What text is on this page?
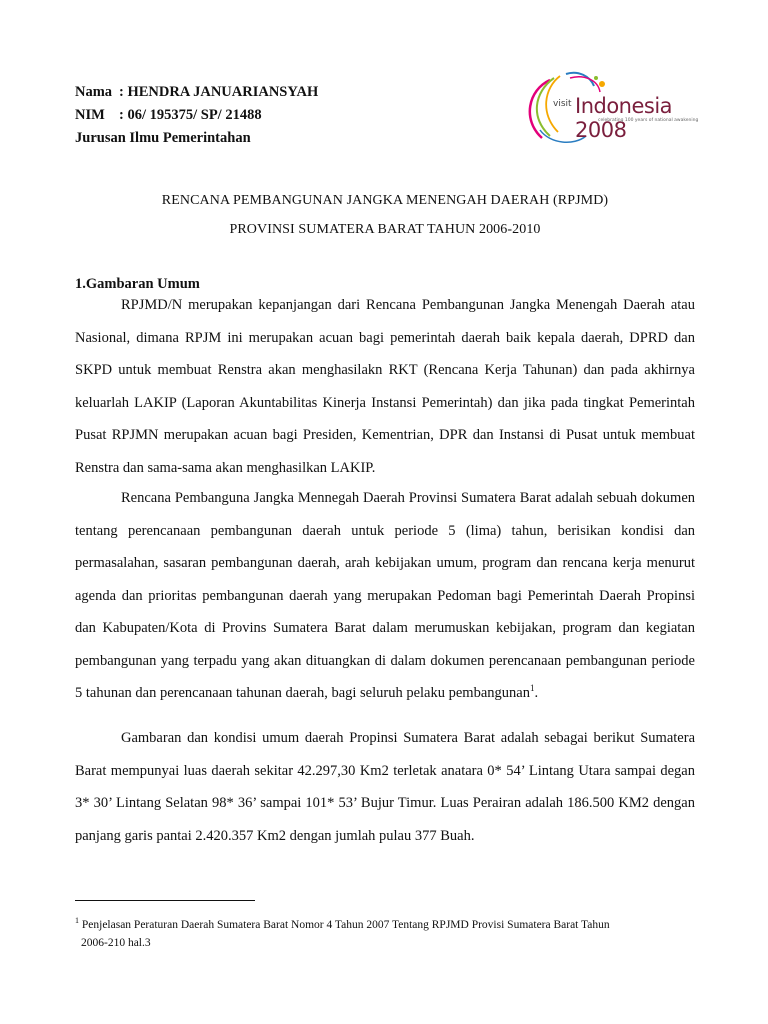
Nama : HENDRA JANUARIANSYAH
NIM : 06/ 195375/ SP/ 21488
Jurusan Ilmu Pemerintahan
visit Indonesia 2008
celebrating 100 years of national awakening
RENCANA PEMBANGUNAN JANGKA MENENGAH DAERAH (RPJMD)
PROVINSI SUMATERA BARAT TAHUN 2006-2010
1.Gambaran Umum

RPJMD/N merupakan kepanjangan dari Rencana Pembangunan Jangka Menengah Daerah atau Nasional, dimana RPJM ini merupakan acuan bagi pemerintah daerah baik kepala daerah, DPRD dan SKPD untuk membuat Renstra akan menghasilakn RKT (Rencana Kerja Tahunan) dan pada akhirnya keluarlah LAKIP (Laporan Akuntabilitas Kinerja Instansi Pemerintah) dan jika pada tingkat Pemerintah Pusat RPJMN merupakan acuan bagi Presiden, Kementrian, DPR dan Instansi di Pusat untuk membuat Renstra dan sama-sama akan menghasilkan LAKIP.

Rencana Pembanguna Jangka Mennegah Daerah Provinsi Sumatera Barat adalah sebuah dokumen tentang perencanaan pembangunan daerah untuk periode 5 (lima) tahun, berisikan kondisi dan permasalahan, sasaran pembangunan daerah, arah kebijakan umum, program dan rencana kerja menurut agenda dan prioritas pembangunan daerah yang merupakan Pedoman bagi Pemerintah Daerah Propinsi dan Kabupaten/Kota di Provins Sumatera Barat dalam merumuskan kebijakan, program dan kegiatan pembangunan yang terpadu yang akan dituangkan di dalam dokumen perencanaan pembangunan periode 5 tahunan dan perencanaan tahunan daerah, bagi seluruh pelaku pembangunan$^1$.

Gambaran dan kondisi umum daerah Propinsi Sumatera Barat adalah sebagai berikut Sumatera Barat mempunyai luas daerah sekitar 42.297,30 Km2 terletak anatara 0* 54’ Lintang Utara sampai degan 3* 30’ Lintang Selatan 98* 36’ sampai 101* 53’ Bujur Timur. Luas Perairan adalah 186.500 KM2 dengan panjang garis pantai 2.420.357 Km2 dengan jumlah pulau 377 Buah.

$^1$ Penjelasan Peraturan Daerah Sumatera Barat Nomor 4 Tahun 2007 Tentang RPJMD Provisi Sumatera Barat Tahun
2006-210 hal.3
